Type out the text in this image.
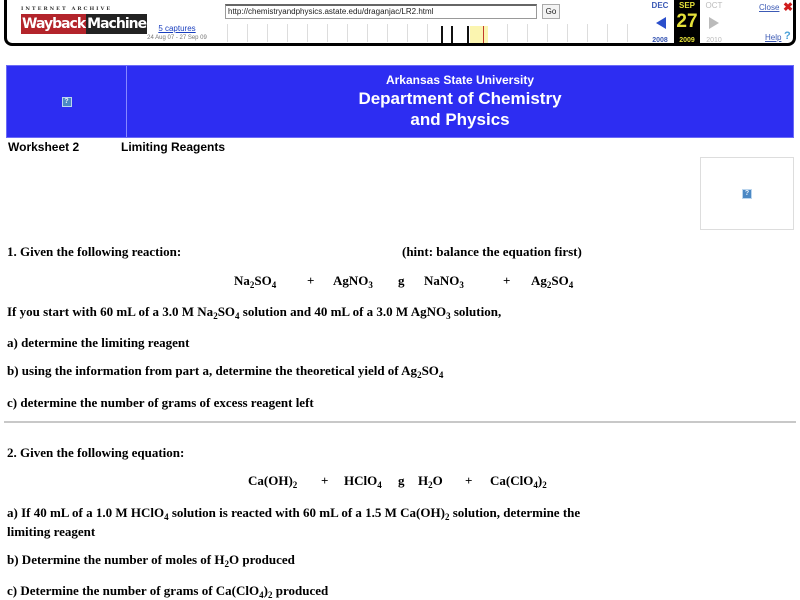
INTERNET ARCHIVE
Wayback Machine	5 captures
24 Aug 07 - 27 Sep 09
http://chemistryandphysics.astate.edu/draganjac/LR2.html	Go
DEC
2008
SEP
27
2009
OCT
2010
Close ✖
Help ?
?
Arkansas State University
Department of Chemistry
and Physics
Worksheet 2	Limiting Reagents
?
1. Given the following reaction:	(hint: balance the equation first)
$Na_2SO_4$ + AgNO$_3$ g NaNO$_3$	+ $Ag_2SO_4$
If you start with 60 mL of a 3.0 M $Na_2SO_4$ solution and 40 mL of a 3.0 M AgNO$_3$ solution,
a) determine the limiting reagent
b) using the information from part a, determine the theoretical yield of $Ag_2SO_4$
c) determine the number of grams of excess reagent left
2. Given the following equation:
$Ca(OH)_2$ + HClO$_4$ g $H_2O + Ca(ClO_4)_2$
a) If 40 mL of a 1.0 M HClO$_4$ solution is reacted with 60 mL of a 1.5 M $Ca(OH)_2$ solution, determine the
limiting reagent
b) Determine the number of moles of $H_2O$ produced
c) Determine the number of grams of $Ca(ClO_4)_2$ produced
